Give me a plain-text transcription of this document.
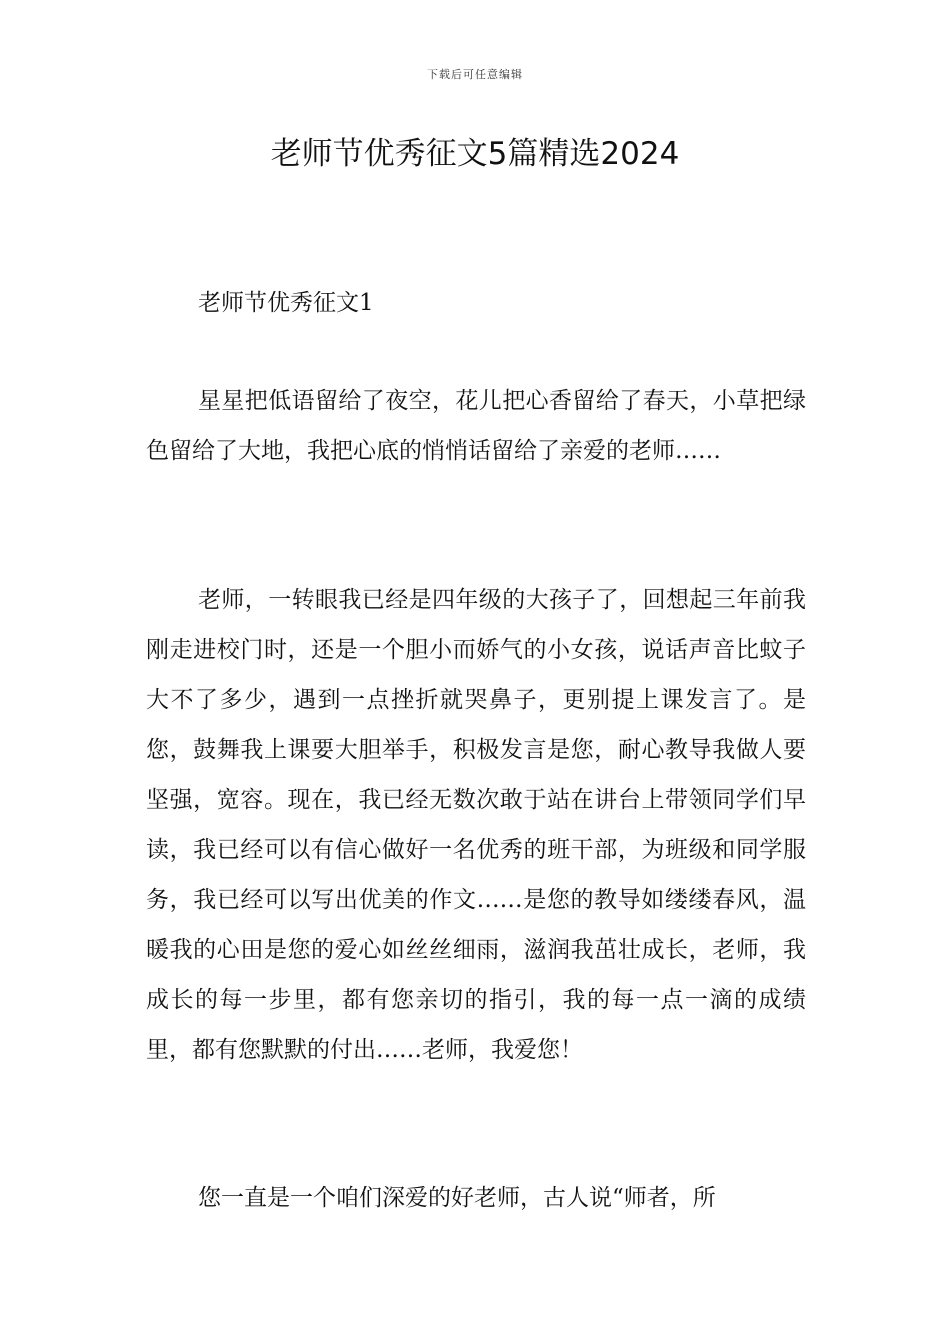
下载后可任意编辑
老师节优秀征文5篇精选2024
老师节优秀征文1

星星把低语留给了夜空，花儿把心香留给了春天，小草把绿色留给了大地，我把心底的悄悄话留给了亲爱的老师……

老师，一转眼我已经是四年级的大孩子了，回想起三年前我刚走进校门时，还是一个胆小而娇气的小女孩，说话声音比蚊子大不了多少，遇到一点挫折就哭鼻子，更别提上课发言了。是您，鼓舞我上课要大胆举手，积极发言是您，耐心教导我做人要坚强，宽容。现在，我已经无数次敢于站在讲台上带领同学们早读，我已经可以有信心做好一名优秀的班干部，为班级和同学服务，我已经可以写出优美的作文……是您的教导如缕缕春风，温暖我的心田是您的爱心如丝丝细雨，滋润我茁壮成长，老师，我成长的每一步里，都有您亲切的指引，我的每一点一滴的成绩里，都有您默默的付出……老师，我爱您！

您一直是一个咱们深爱的好老师，古人说“师者，所
